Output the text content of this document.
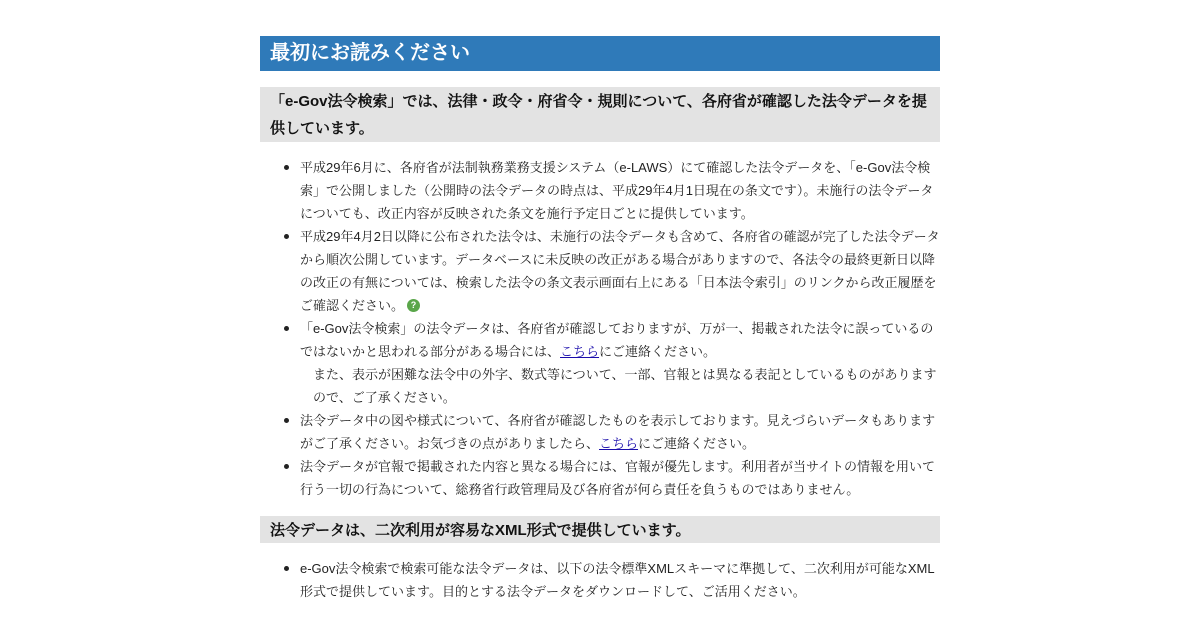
最初にお読みください
「e-Gov法令検索」では、法律・政令・府省令・規則について、各府省が確認した法令データを提供しています。
平成29年6月に、各府省が法制執務業務支援システム（e-LAWS）にて確認した法令データを、「e-Gov法令検索」で公開しました（公開時の法令データの時点は、平成29年4月1日現在の条文です）。未施行の法令データについても、改正内容が反映された条文を施行予定日ごとに提供しています。
平成29年4月2日以降に公布された法令は、未施行の法令データも含めて、各府省の確認が完了した法令データから順次公開しています。データベースに未反映の改正がある場合がありますので、各法令の最終更新日以降の改正の有無については、検索した法令の条文表示画面右上にある「日本法令索引」のリンクから改正履歴をご確認ください。 ?
「e-Gov法令検索」の法令データは、各府省が確認しておりますが、万が一、掲載された法令に誤っているのではないかと思われる部分がある場合には、こちらにご連絡ください。
また、表示が困難な法令中の外字、数式等について、一部、官報とは異なる表記としているものがありますので、ご了承ください。
法令データ中の図や様式について、各府省が確認したものを表示しております。見えづらいデータもありますがご了承ください。お気づきの点がありましたら、こちらにご連絡ください。
法令データが官報で掲載された内容と異なる場合には、官報が優先します。利用者が当サイトの情報を用いて行う一切の行為について、総務省行政管理局及び各府省が何ら責任を負うものではありません。
法令データは、二次利用が容易なXML形式で提供しています。
e-Gov法令検索で検索可能な法令データは、以下の法令標準XMLスキーマに準拠して、二次利用が可能なXML形式で提供しています。目的とする法令データをダウンロードして、ご活用ください。
